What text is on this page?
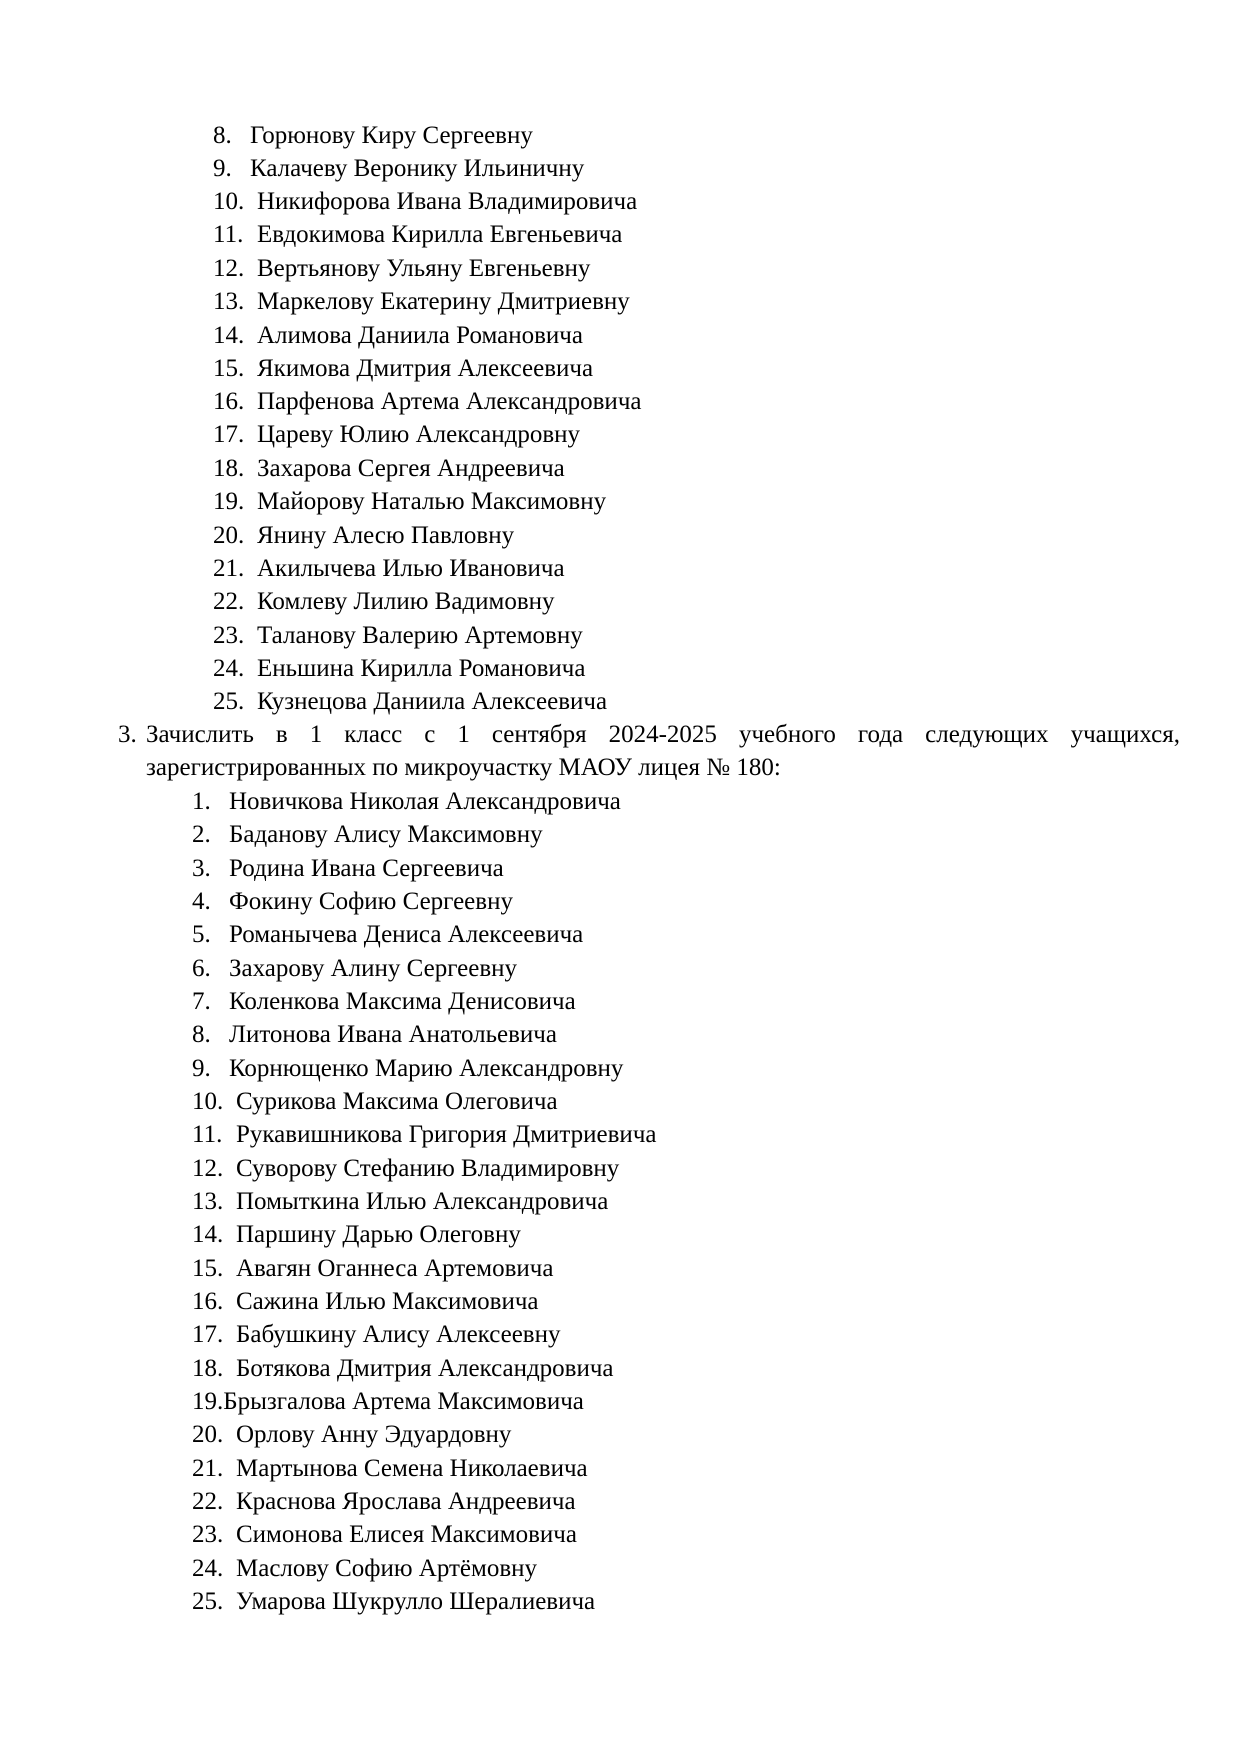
8. Горюнову Киру Сергеевну
9. Калачеву Веронику Ильиничну
10. Никифорова Ивана Владимировича
11. Евдокимова Кирилла Евгеньевича
12. Вертьянову Ульяну Евгеньевну
13. Маркелову Екатерину Дмитриевну
14. Алимова Даниила Романовича
15. Якимова Дмитрия Алексеевича
16. Парфенова Артема Александровича
17. Цареву Юлию Александровну
18. Захарова Сергея Андреевича
19. Майорову Наталью Максимовну
20. Янину Алесю Павловну
21. Акилычева Илью Ивановича
22. Комлеву Лилию Вадимовну
23. Таланову Валерию Артемовну
24. Еньшина Кирилла Романовича
25. Кузнецова Даниила Алексеевича
3. Зачислить в 1 класс с 1 сентября 2024-2025 учебного года следующих учащихся,
зарегистрированных по микроучастку МАОУ лицея № 180:
1. Новичкова Николая Александровича
2. Баданову Алису Максимовну
3. Родина Ивана Сергеевича
4. Фокину Софию Сергеевну
5. Романычева Дениса Алексеевича
6. Захарову Алину Сергеевну
7. Коленкова Максима Денисовича
8. Литонова Ивана Анатольевича
9. Корнющенко Марию Александровну
10. Сурикова Максима Олеговича
11. Рукавишникова Григория Дмитриевича
12. Суворову Стефанию Владимировну
13. Помыткина Илью Александровича
14. Паршину Дарью Олеговну
15. Авагян Оганнеса Артемовича
16. Сажина Илью Максимовича
17. Бабушкину Алису Алексеевну
18. Ботякова Дмитрия Александровича
19.Брызгалова Артема Максимовича
20. Орлову Анну Эдуардовну
21. Мартынова Семена Николаевича
22. Краснова Ярослава Андреевича
23. Симонова Елисея Максимовича
24. Маслову Софию Артёмовну
25. Умарова Шукрулло Шералиевича
